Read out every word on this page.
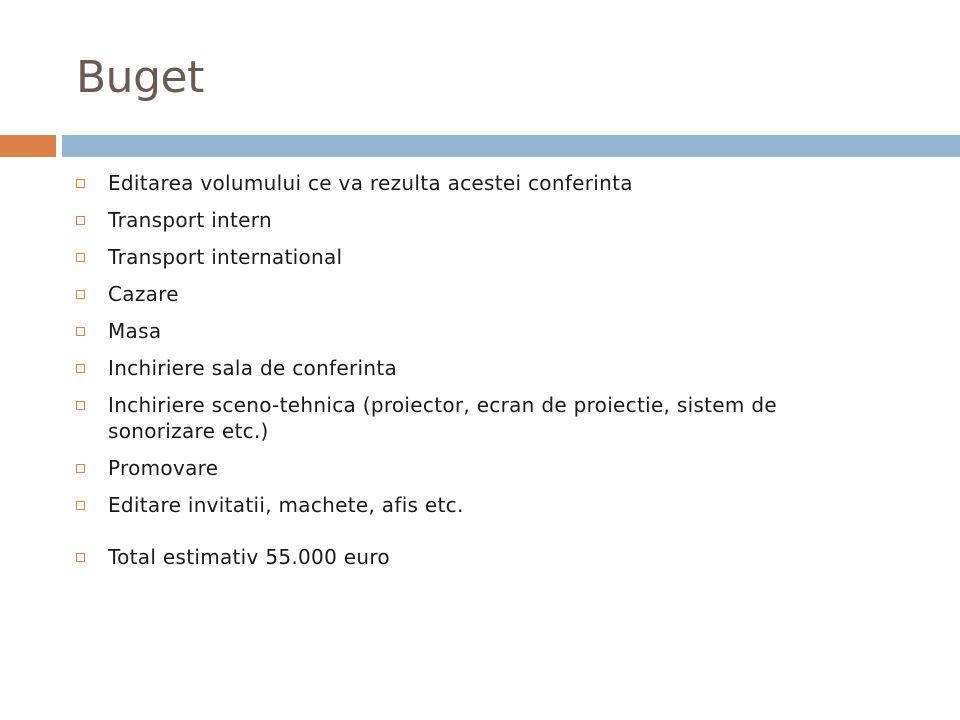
Buget
Editarea volumului ce va rezulta acestei conferinta
Transport intern
Transport international
Cazare
Masa
Inchiriere sala de conferinta
Inchiriere sceno-tehnica (proiector, ecran de proiectie, sistem de sonorizare etc.)
Promovare
Editare invitatii, machete, afis etc.
Total estimativ 55.000 euro
